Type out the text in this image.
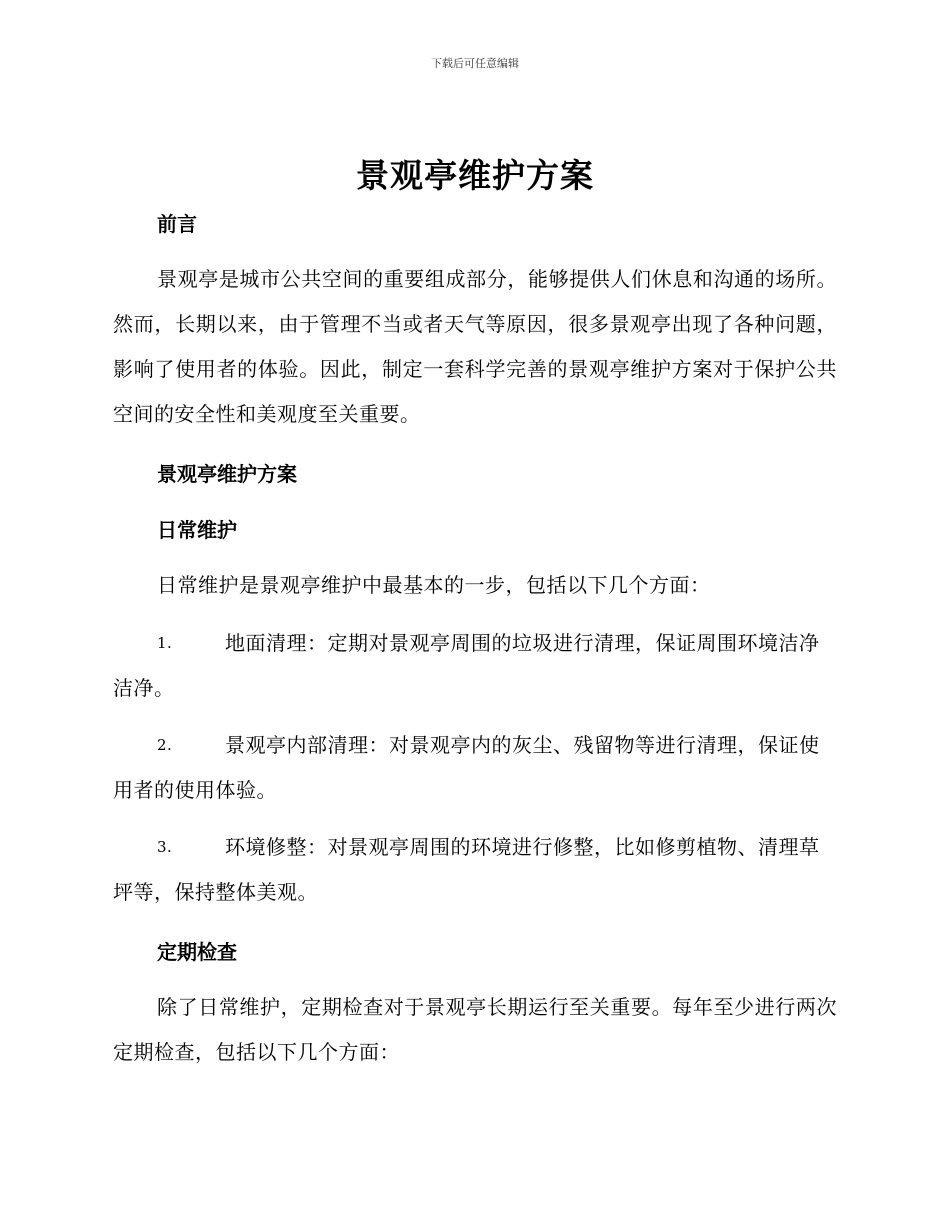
下载后可任意编辑
景观亭维护方案
前言
景观亭是城市公共空间的重要组成部分，能够提供人们休息和沟通的场所。然而，长期以来，由于管理不当或者天气等原因，很多景观亭出现了各种问题，影响了使用者的体验。因此，制定一套科学完善的景观亭维护方案对于保护公共空间的安全性和美观度至关重要。
景观亭维护方案
日常维护
日常维护是景观亭维护中最基本的一步，包括以下几个方面：
1.	地面清理：定期对景观亭周围的垃圾进行清理，保证周围环境洁净洁净。
2.	景观亭内部清理：对景观亭内的灰尘、残留物等进行清理，保证使用者的使用体验。
3.	环境修整：对景观亭周围的环境进行修整，比如修剪植物、清理草坪等，保持整体美观。
定期检查
除了日常维护，定期检查对于景观亭长期运行至关重要。每年至少进行两次定期检查，包括以下几个方面：
